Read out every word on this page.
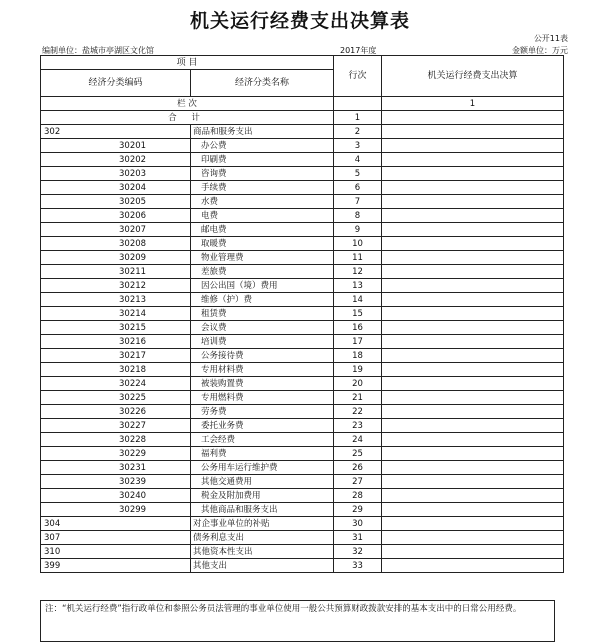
机关运行经费支出决算表
公开11表
编制单位：盐城市亭湖区文化馆	2017年度	金额单位：万元
项 目		行次	机关运行经费支出决算
经济分类编码	经济分类名称		
栏 次			1
合 计		1	
302	商品和服务支出	2	
30201	办公费	3	
30202	印刷费	4	
30203	咨询费	5	
30204	手续费	6	
30205	水费	7	
30206	电费	8	
30207	邮电费	9	
30208	取暖费	10	
30209	物业管理费	11	
30211	差旅费	12	
30212	因公出国（境）费用	13	
30213	维修（护）费	14	
30214	租赁费	15	
30215	会议费	16	
30216	培训费	17	
30217	公务接待费	18	
30218	专用材料费	19	
30224	被装购置费	20	
30225	专用燃料费	21	
30226	劳务费	22	
30227	委托业务费	23	
30228	工会经费	24	
30229	福利费	25	
30231	公务用车运行维护费	26	
30239	其他交通费用	27	
30240	税金及附加费用	28	
30299	其他商品和服务支出	29	
304	对企事业单位的补贴	30	
307	债务利息支出	31	
310	其他资本性支出	32	
399	其他支出	33	
注：“机关运行经费”指行政单位和参照公务员法管理的事业单位使用一般公共预算财政拨款安排的基本支出中的日常公用经费。
